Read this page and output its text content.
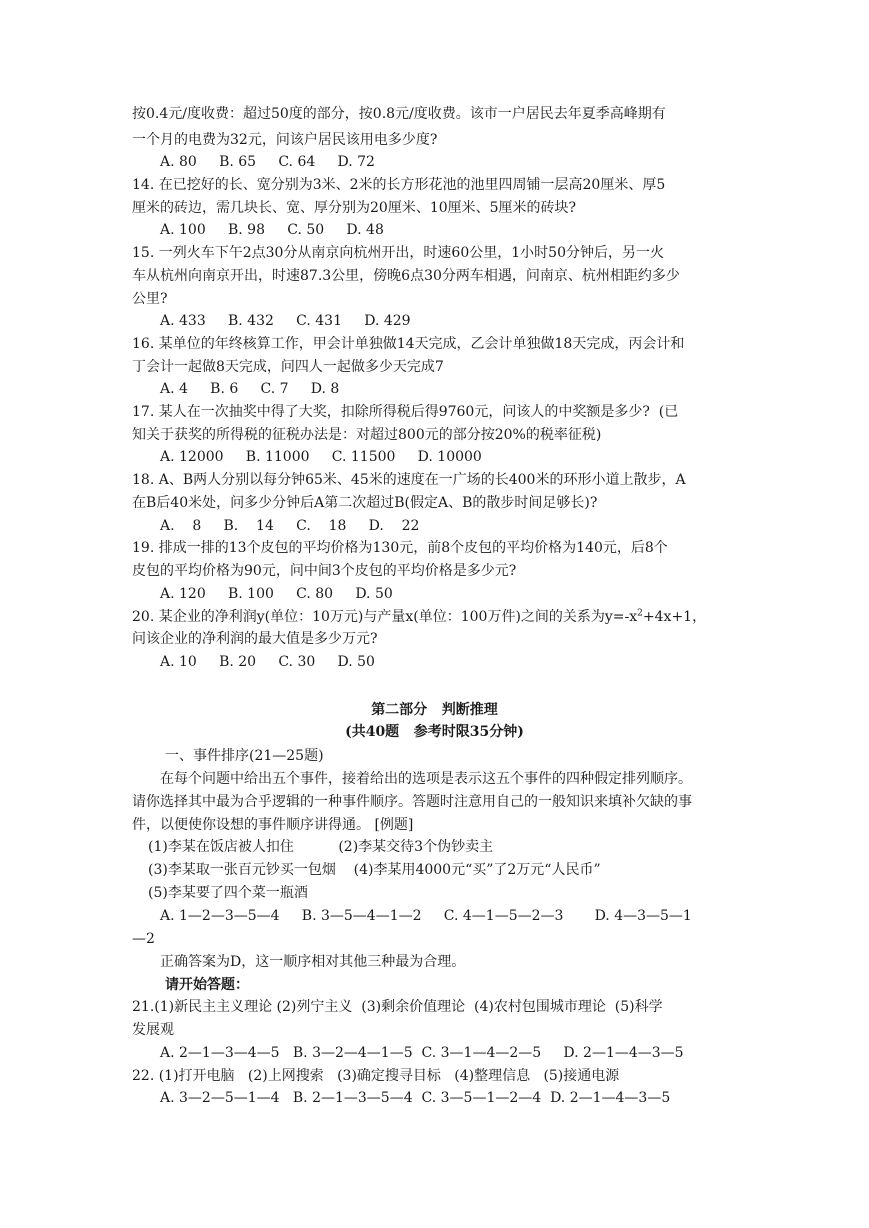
按0.4元/度收费：超过50度的部分，按0.8元/度收费。该市一户居民去年夏季高峰期有
一个月的电费为32元，问该户居民该用电多少度?
A. 80     B. 65     C. 64     D. 72
14. 在已挖好的长、宽分别为3米、2米的长方形花池的池里四周铺一层高20厘米、厚5
厘米的砖边，需几块长、宽、厚分别为20厘米、10厘米、5厘米的砖块?
A. 100     B. 98     C. 50     D. 48
15. 一列火车下午2点30分从南京向杭州开出，时速60公里，1小时50分钟后，另一火
车从杭州向南京开出，时速87.3公里，傍晚6点30分两车相遇，问南京、杭州相距约多少
公里?
A. 433     B. 432     C. 431     D. 429
16. 某单位的年终核算工作，甲会计单独做14天完成，乙会计单独做18天完成，丙会计和
丁会计一起做8天完成，问四人一起做多少天完成7
A. 4     B. 6     C. 7     D. 8
17. 某人在一次抽奖中得了大奖，扣除所得税后得9760元，问该人的中奖额是多少?  (已
知关于获奖的所得税的征税办法是：对超过800元的部分按20%的税率征税)
A. 12000     B. 11000     C. 11500     D. 10000
18. A、B两人分别以每分钟65米、45米的速度在一广场的长400米的环形小道上散步，A
在B后40米处，问多少分钟后A第二次超过B(假定A、B的散步时间足够长)?
A.    8     B.    14     C.    18     D.    22
19. 排成一排的13个皮包的平均价格为130元，前8个皮包的平均价格为140元，后8个
皮包的平均价格为90元，问中间3个皮包的平均价格是多少元?
A. 120     B. 100     C. 80     D. 50
20. 某企业的净利润y(单位：10万元)与产量x(单位：100万件)之间的关系为$y=-x^2+4x+1$，
问该企业的净利润的最大值是多少万元?
A. 10     B. 20     C. 30     D. 50
第二部分   判断推理
(共40题   参考时限35分钟)
一、事件排序(21—25题)
在每个问题中给出五个事件，接着给出的选项是表示这五个事件的四种假定排列顺序。
请你选择其中最为合乎逻辑的一种事件顺序。答题时注意用自己的一般知识来填补欠缺的事
件，以便使你设想的事件顺序讲得通。 [例题]
(1)李某在饭店被人扣住          (2)李某交待3个伪钞卖主
(3)李某取一张百元钞买一包烟    (4)李某用4000元“买”了2万元“人民币”
(5)李某要了四个菜一瓶酒
A. 1—2—3—5—4     B. 3—5—4—1—2     C. 4—1—5—2—3       D. 4—3—5—1
—2
正确答案为D，这一顺序相对其他三种最为合理。
请开始答题：
21.(1)新民主主义理论 (2)列宁主义  (3)剩余价值理论  (4)农村包围城市理论  (5)科学
发展观
A. 2—1—3—4—5   B. 3—2—4—1—5  C. 3—1—4—2—5     D. 2—1—4—3—5
22. (1)打开电脑   (2)上网搜索   (3)确定搜寻目标   (4)整理信息   (5)接通电源
A. 3—2—5—1—4   B. 2—1—3—5—4  C. 3—5—1—2—4  D. 2—1—4—3—5
